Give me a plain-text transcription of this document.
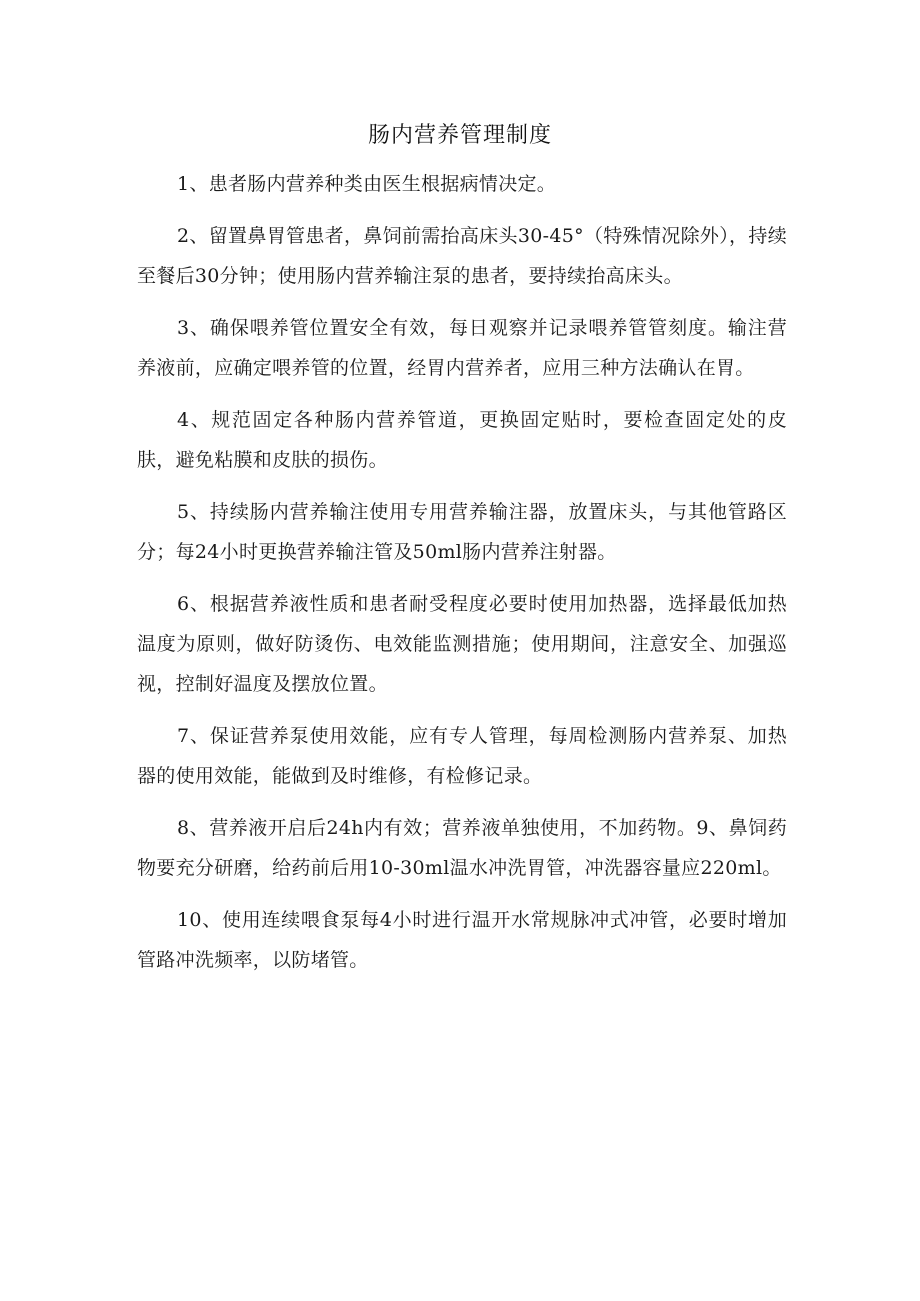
肠内营养管理制度

1、患者肠内营养种类由医生根据病情决定。

2、留置鼻胃管患者，鼻饲前需抬高床头30-45°（特殊情况除外），持续至餐后30分钟；使用肠内营养输注泵的患者，要持续抬高床头。

3、确保喂养管位置安全有效，每日观察并记录喂养管管刻度。输注营养液前，应确定喂养管的位置，经胃内营养者，应用三种方法确认在胃。

4、规范固定各种肠内营养管道，更换固定贴时，要检查固定处的皮肤，避免粘膜和皮肤的损伤。

5、持续肠内营养输注使用专用营养输注器，放置床头，与其他管路区分；每24小时更换营养输注管及50ml肠内营养注射器。

6、根据营养液性质和患者耐受程度必要时使用加热器，选择最低加热温度为原则，做好防烫伤、电效能监测措施；使用期间，注意安全、加强巡视，控制好温度及摆放位置。

7、保证营养泵使用效能，应有专人管理，每周检测肠内营养泵、加热器的使用效能，能做到及时维修，有检修记录。

8、营养液开启后24h内有效；营养液单独使用，不加药物。9、鼻饲药物要充分研磨，给药前后用10-30ml温水冲洗胃管，冲洗器容量应220ml。

10、使用连续喂食泵每4小时进行温开水常规脉冲式冲管，必要时增加管路冲洗频率，以防堵管。
